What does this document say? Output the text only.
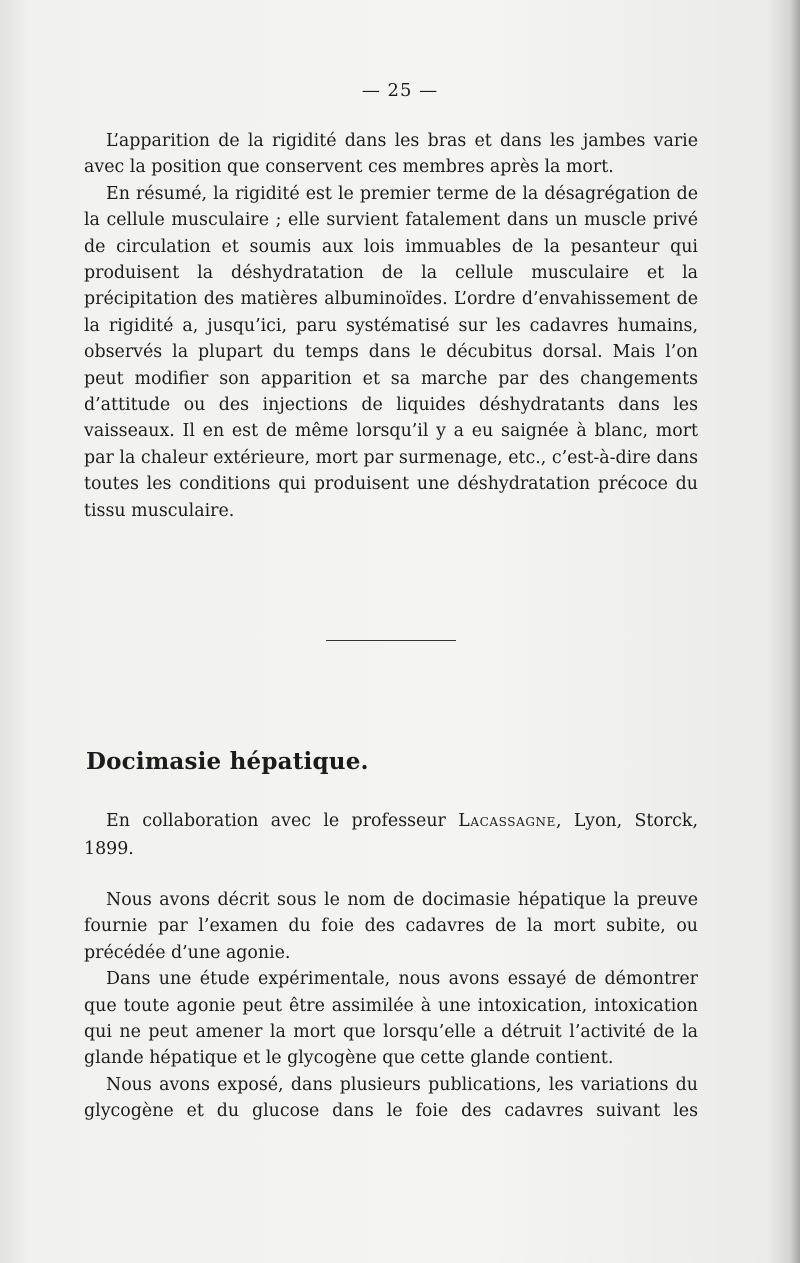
— 25 —

L’apparition de la rigidité dans les bras et dans les jambes varie avec la position que conservent ces membres après la mort.

En résumé, la rigidité est le premier terme de la désagrégation de la cellule musculaire ; elle survient fatalement dans un muscle privé de circulation et soumis aux lois immuables de la pesanteur qui produisent la déshydratation de la cellule musculaire et la précipitation des matières albuminoïdes. L’ordre d’envahissement de la rigidité a, jusqu’ici, paru systématisé sur les cadavres humains, observés la plupart du temps dans le décubitus dorsal. Mais l’on peut modifier son apparition et sa marche par des changements d’attitude ou des injections de liquides déshydratants dans les vaisseaux. Il en est de même lorsqu’il y a eu saignée à blanc, mort par la chaleur extérieure, mort par surmenage, etc., c’est-à-dire dans toutes les conditions qui produisent une déshydratation précoce du tissu musculaire.

Docimasie hépatique.

En collaboration avec le professeur Lacassagne, Lyon, Storck, 1899.

Nous avons décrit sous le nom de docimasie hépatique la preuve fournie par l’examen du foie des cadavres de la mort subite, ou précédée d’une agonie.

Dans une étude expérimentale, nous avons essayé de démontrer que toute agonie peut être assimilée à une intoxication, intoxication qui ne peut amener la mort que lorsqu’elle a détruit l’activité de la glande hépatique et le glycogène que cette glande contient.

Nous avons exposé, dans plusieurs publications, les variations du glycogène et du glucose dans le foie des cadavres suivant les
